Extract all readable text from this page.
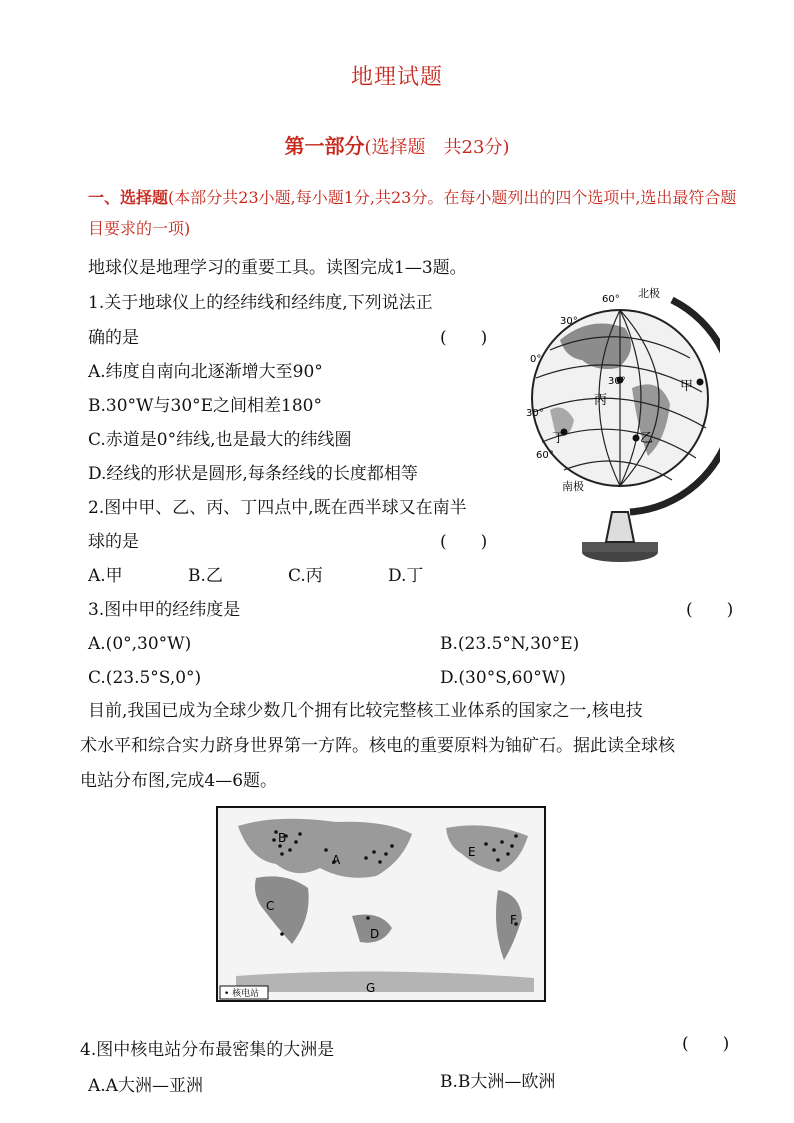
地理试题
第一部分(选择题　共23分)
一、选择题(本部分共23小题,每小题1分,共23分。在每小题列出的四个选项中,选出最符合题目要求的一项)
地球仪是地理学习的重要工具。读图完成1—3题。
1.关于地球仪上的经纬线和经纬度,下列说法正
确的是	(　　)
A.纬度自南向北逐渐增大至90°
B.30°W与30°E之间相差180°
C.赤道是0°纬线,也是最大的纬线圈
D.经线的形状是圆形,每条经线的长度都相等
2.图中甲、乙、丙、丁四点中,既在西半球又在南半
球的是	(　　)
A.甲	B.乙	C.丙	D.丁
3.图中甲的经纬度是	(　　)
A.(0°,30°W)	B.(23.5°N,30°E)
C.(23.5°S,0°)	D.(30°S,60°W)
目前,我国已成为全球少数几个拥有比较完整核工业体系的国家之一,核电技
术水平和综合实力跻身世界第一方阵。核电的重要原料为铀矿石。据此读全球核
电站分布图,完成4—6题。
北极
南极
60°
30°
0°
30°
60°
30°	甲
乙
丙
丁
A
B
C
D
E
F
G
• 核电站
4.图中核电站分布最密集的大洲是	(　　)
A.A大洲—亚洲	B.B大洲—欧洲
